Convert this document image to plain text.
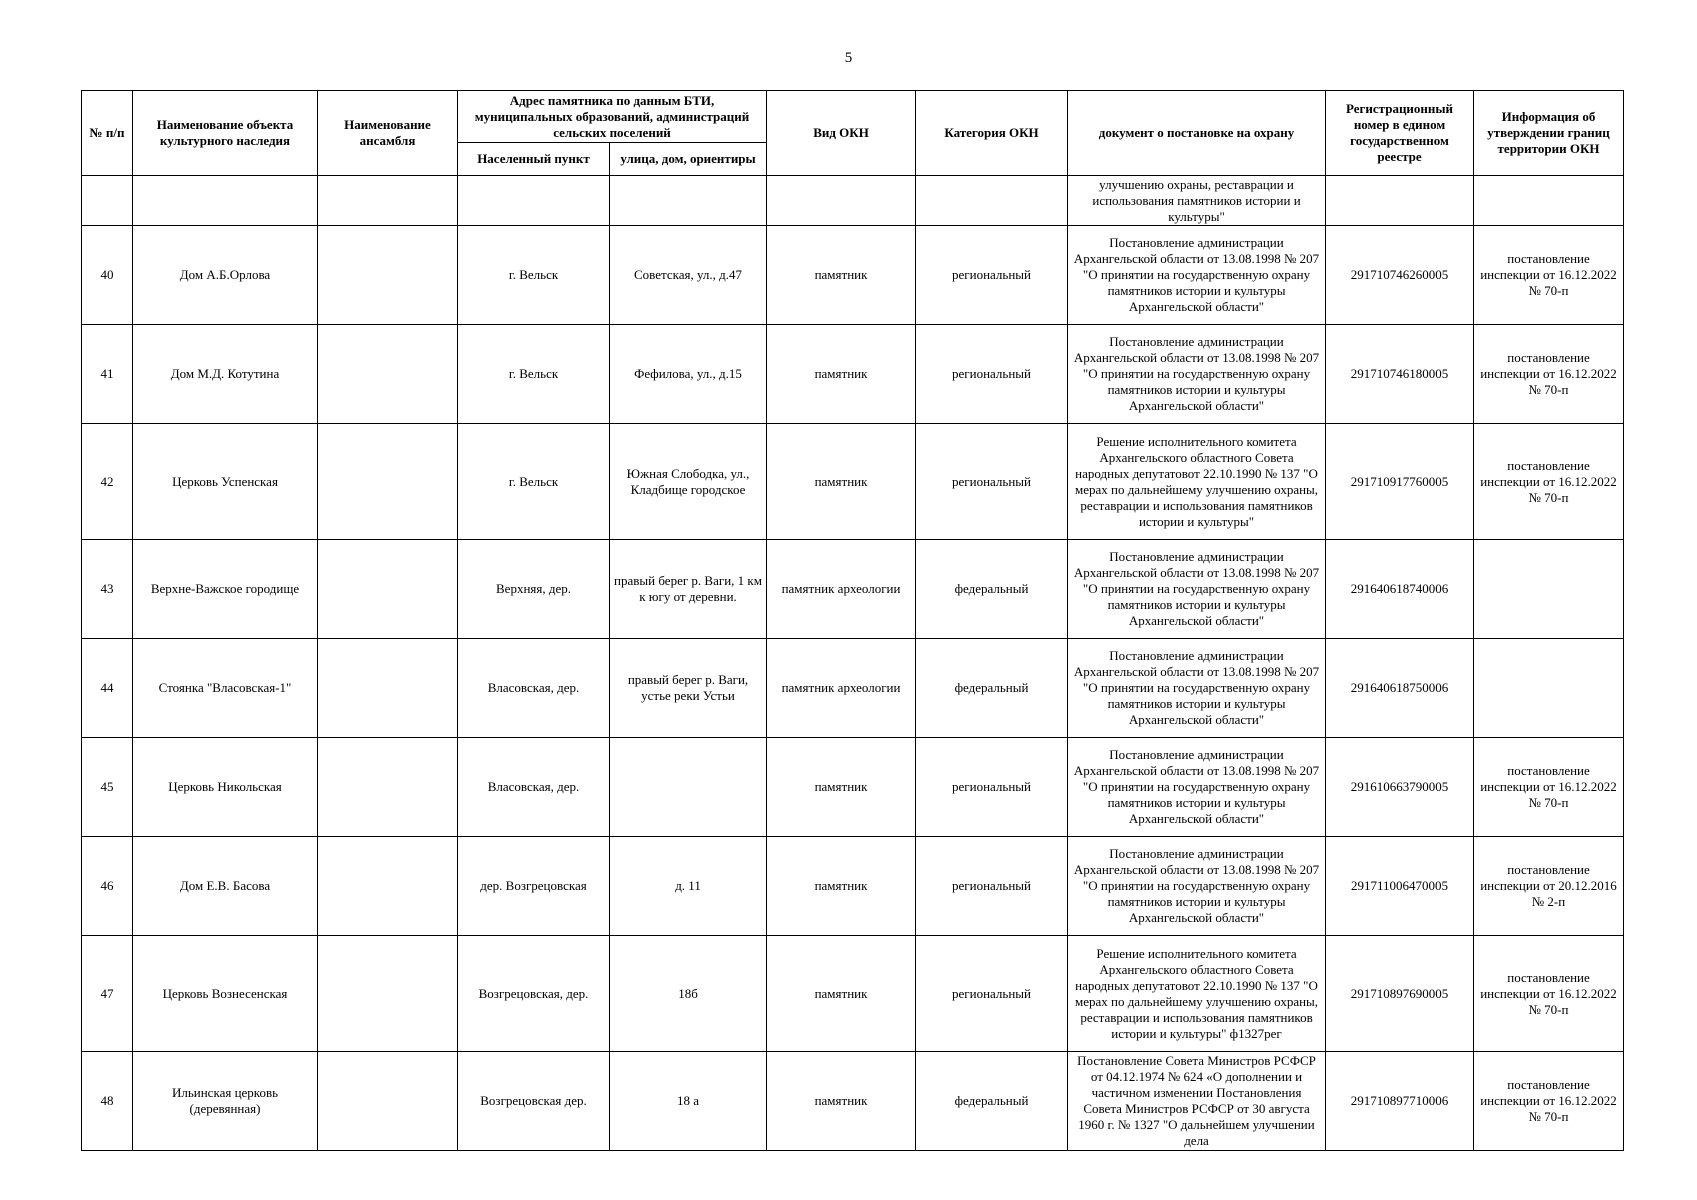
5
№ п/п	Наименование объекта культурного наследия	Наименование ансамбля	Адрес памятника по данным БТИ, муниципальных образований, администраций сельских поселений		Вид ОКН	Категория ОКН	документ о постановке на охрану	Регистрационный номер в едином государственном реестре	Информация об утверждении границ территории ОКН
			Населенный пункт	улица, дом, ориентиры					
							улучшению охраны, реставрации и использования памятников истории и культуры"		
40	Дом А.Б.Орлова		г. Вельск	Советская, ул., д.47	памятник	региональный	Постановление администрации Архангельской области от 13.08.1998 № 207 "О принятии на государственную охрану памятников истории и культуры Архангельской области"	291710746260005	постановление инспекции от 16.12.2022 № 70-п
41	Дом М.Д. Котутина		г. Вельск	Фефилова, ул., д.15	памятник	региональный	Постановление администрации Архангельской области от 13.08.1998 № 207 "О принятии на государственную охрану памятников истории и культуры Архангельской области"	291710746180005	постановление инспекции от 16.12.2022 № 70-п
42	Церковь Успенская		г. Вельск	Южная Слободка, ул., Кладбище городское	памятник	региональный	Решение исполнительного комитета Архангельского областного Совета народных депутатовот 22.10.1990 № 137 "О мерах по дальнейшему улучшению охраны, реставрации и использования памятников истории и культуры"	291710917760005	постановление инспекции от 16.12.2022 № 70-п
43	Верхне-Важское городище		Верхняя, дер.	правый берег р. Ваги, 1 км к югу от деревни.	памятник археологии	федеральный	Постановление администрации Архангельской области от 13.08.1998 № 207 "О принятии на государственную охрану памятников истории и культуры Архангельской области"	291640618740006	
44	Стоянка "Власовская-1"		Власовская, дер.	правый берег р. Ваги, устье реки Устьи	памятник археологии	федеральный	Постановление администрации Архангельской области от 13.08.1998 № 207 "О принятии на государственную охрану памятников истории и культуры Архангельской области"	291640618750006	
45	Церковь Никольская		Власовская, дер.		памятник	региональный	Постановление администрации Архангельской области от 13.08.1998 № 207 "О принятии на государственную охрану памятников истории и культуры Архангельской области"	291610663790005	постановление инспекции от 16.12.2022 № 70-п
46	Дом Е.В. Басова		дер. Возгрецовская	д. 11	памятник	региональный	Постановление администрации Архангельской области от 13.08.1998 № 207 "О принятии на государственную охрану памятников истории и культуры Архангельской области"	291711006470005	постановление инспекции от 20.12.2016 № 2-п
47	Церковь Вознесенская		Возгрецовская, дер.	18б	памятник	региональный	Решение исполнительного комитета Архангельского областного Совета народных депутатовот 22.10.1990 № 137 "О мерах по дальнейшему улучшению охраны, реставрации и использования памятников истории и культуры" ф1327рег	291710897690005	постановление инспекции от 16.12.2022 № 70-п
48	Ильинская церковь (деревянная)		Возгрецовская дер.	18 а	памятник	федеральный	Постановление Совета Министров РСФСР от 04.12.1974 № 624 «О дополнении и частичном изменении Постановления Совета Министров РСФСР от 30 августа 1960 г. № 1327 "О дальнейшем улучшении дела	291710897710006	постановление инспекции от 16.12.2022 № 70-п
